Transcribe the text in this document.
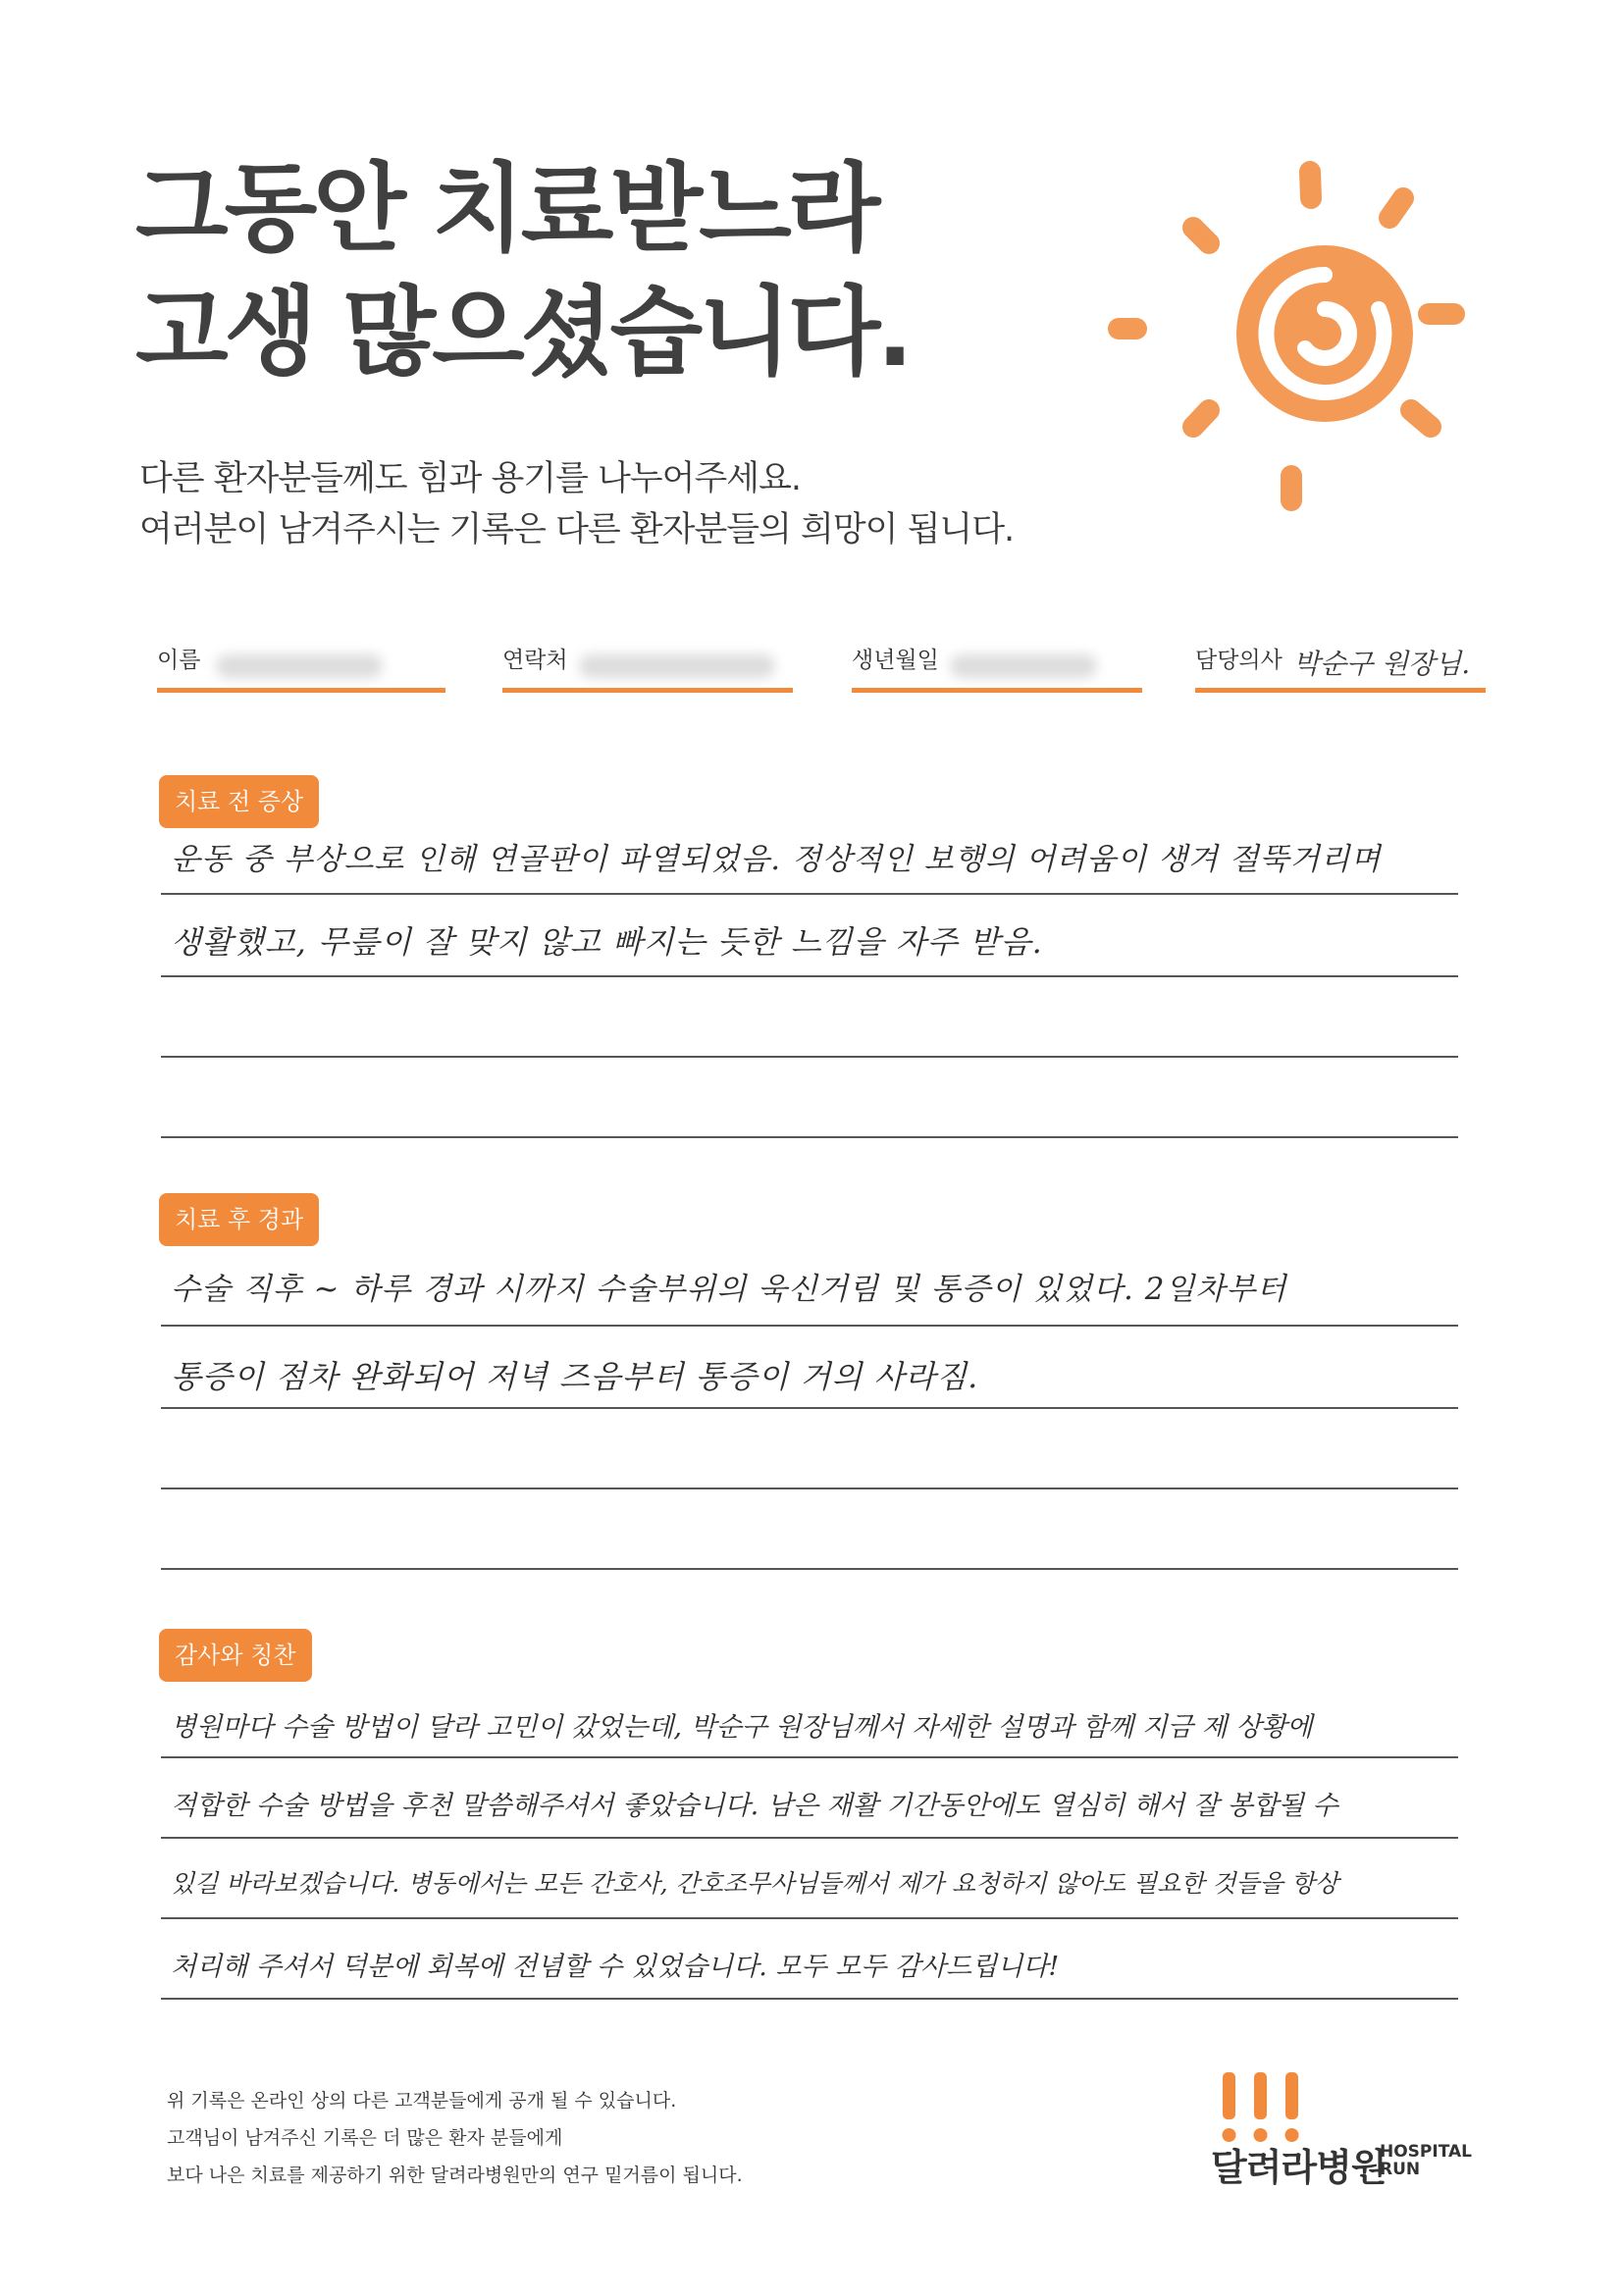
그동안 치료받느라
고생 많으셨습니다.
다른 환자분들께도 힘과 용기를 나누어주세요.
여러분이 남겨주시는 기록은 다른 환자분들의 희망이 됩니다.
이름	연락처	생년월일	담당의사 박순구 원장님.
치료 전 증상
운동 중 부상으로 인해 연골판이 파열되었음. 정상적인 보행의 어려움이 생겨 절뚝거리며
생활했고, 무릎이 잘 맞지 않고 빠지는 듯한 느낌을 자주 받음.
치료 후 경과
수술 직후 ~ 하루 경과 시까지 수술부위의 욱신거림 및 통증이 있었다. 2일차부터
통증이 점차 완화되어 저녁 즈음부터 통증이 거의 사라짐.
감사와 칭찬
병원마다 수술 방법이 달라 고민이 갔었는데, 박순구 원장님께서 자세한 설명과 함께 지금 제 상황에
적합한 수술 방법을 후천 말씀해주셔서 좋았습니다. 남은 재활 기간동안에도 열심히 해서 잘 봉합될 수
있길 바라보겠습니다. 병동에서는 모든 간호사, 간호조무사님들께서 제가 요청하지 않아도 필요한 것들을 항상
처리해 주셔서 덕분에 회복에 전념할 수 있었습니다. 모두 모두 감사드립니다!
위 기록은 온라인 상의 다른 고객분들에게 공개 될 수 있습니다.
고객님이 남겨주신 기록은 더 많은 환자 분들에게
보다 나은 치료를 제공하기 위한 달려라병원만의 연구 밑거름이 됩니다.	달려라병원
HOSPITAL
RUN
